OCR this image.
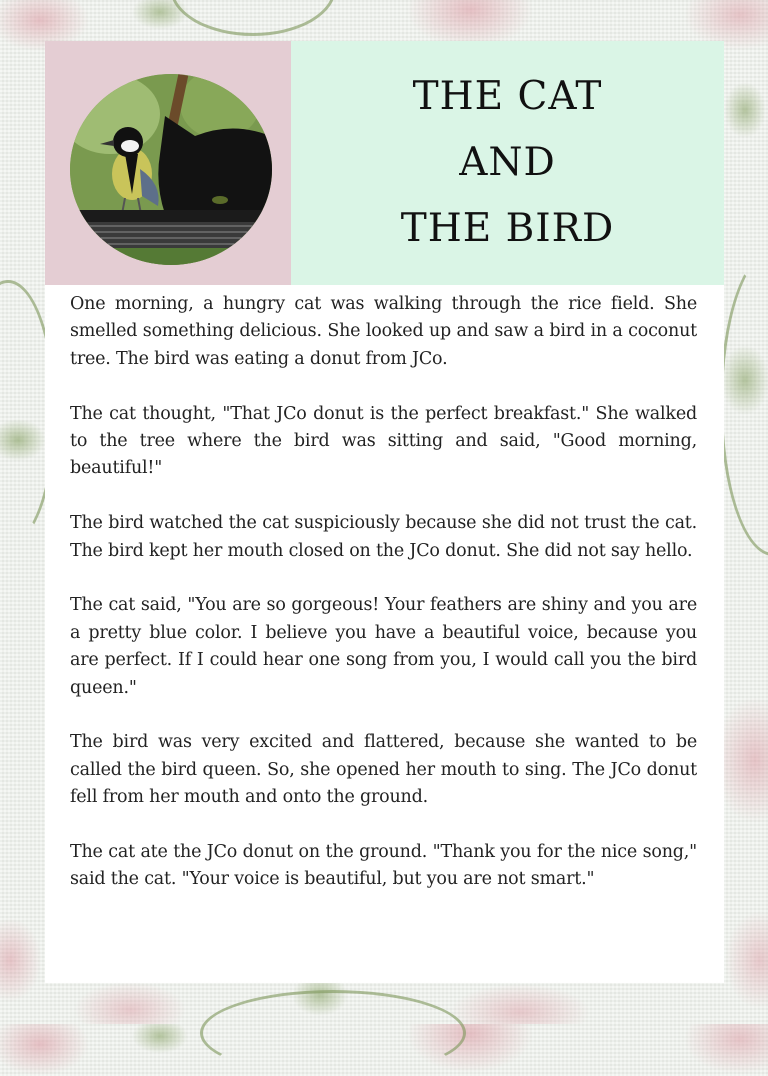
THE CAT
AND
THE BIRD

One morning, a hungry cat was walking through the rice field. She smelled something delicious. She looked up and saw a bird in a coconut tree. The bird was eating a donut from JCo.

The cat thought, "That JCo donut is the perfect breakfast." She walked to the tree where the bird was sitting and said, "Good morning, beautiful!"

The bird watched the cat suspiciously because she did not trust the cat. The bird kept her mouth closed on the JCo donut. She did not say hello.

The cat said, "You are so gorgeous! Your feathers are shiny and you are a pretty blue color. I believe you have a beautiful voice, because you are perfect. If I could hear one song from you, I would call you the bird queen."

The bird was very excited and flattered, because she wanted to be called the bird queen. So, she opened her mouth to sing. The JCo donut fell from her mouth and onto the ground.

The cat ate the JCo donut on the ground. "Thank you for the nice song," said the cat. "Your voice is beautiful, but you are not smart."
